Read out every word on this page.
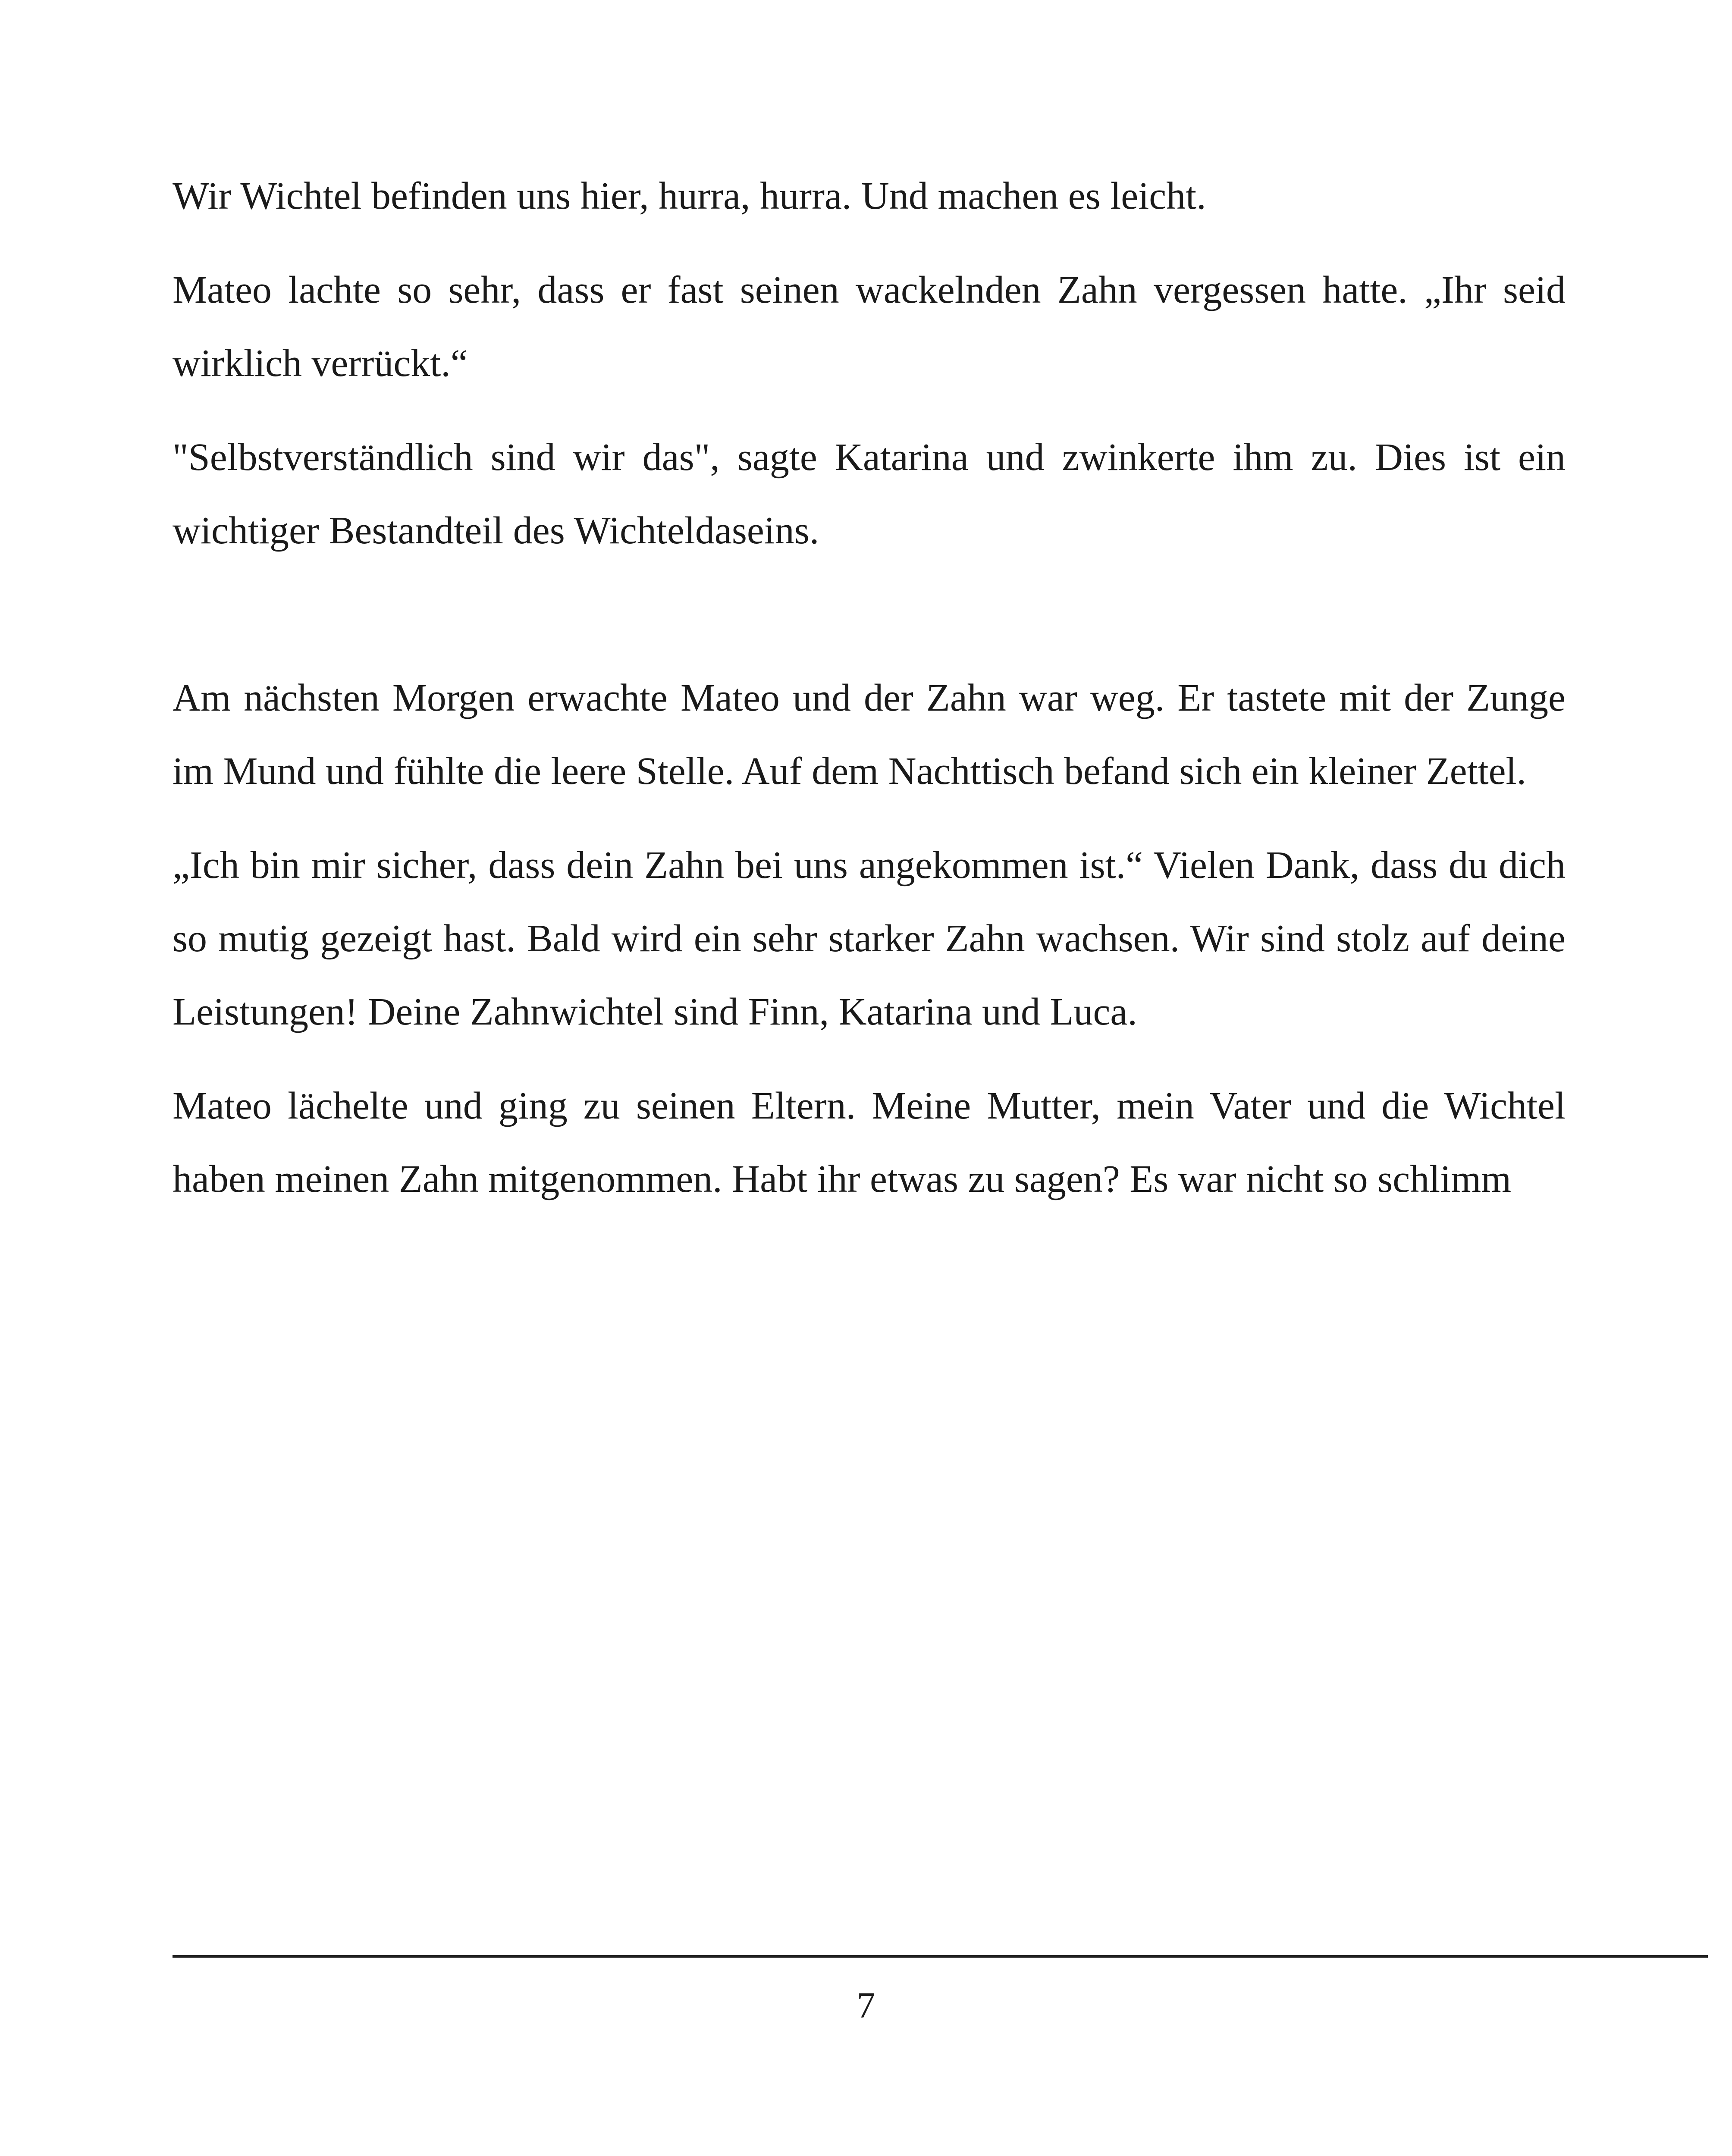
Wir Wichtel befinden uns hier, hurra, hurra. Und machen es leicht.

Mateo lachte so sehr, dass er fast seinen wackelnden Zahn vergessen hatte. „Ihr seid wirklich verrückt.“

"Selbstverständlich sind wir das", sagte Katarina und zwinkerte ihm zu. Dies ist ein wichtiger Bestandteil des Wichteldaseins.

Am nächsten Morgen erwachte Mateo und der Zahn war weg. Er tastete mit der Zunge im Mund und fühlte die leere Stelle. Auf dem Nachttisch befand sich ein kleiner Zettel.

„Ich bin mir sicher, dass dein Zahn bei uns angekommen ist.“ Vielen Dank, dass du dich so mutig gezeigt hast. Bald wird ein sehr starker Zahn wachsen. Wir sind stolz auf deine Leistungen! Deine Zahnwichtel sind Finn, Katarina und Luca.

Mateo lächelte und ging zu seinen Eltern. Meine Mutter, mein Vater und die Wichtel haben meinen Zahn mitgenommen. Habt ihr etwas zu sagen? Es war nicht so schlimm

7
